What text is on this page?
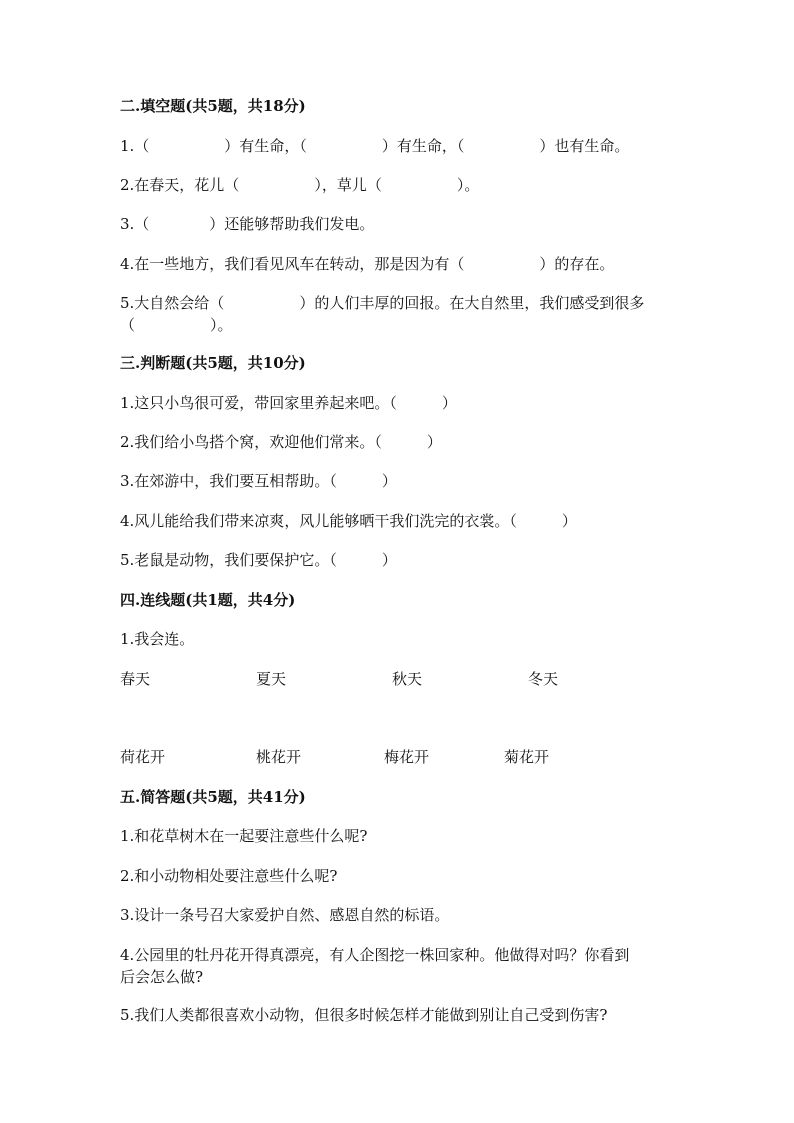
二.填空题(共5题，共18分)
1.（　　　　　）有生命，（　　　　　）有生命，（　　　　　）也有生命。
2.在春天，花儿（　　　　　），草儿（　　　　　）。
3.（　　　　）还能够帮助我们发电。
4.在一些地方，我们看见风车在转动，那是因为有（　　　　　）的存在。
5.大自然会给（　　　　　）的人们丰厚的回报。在大自然里，我们感受到很多
（　　　　　）。
三.判断题(共5题，共10分)
1.这只小鸟很可爱，带回家里养起来吧。（　　　）
2.我们给小鸟搭个窝，欢迎他们常来。（　　　）
3.在郊游中，我们要互相帮助。（　　　）
4.风儿能给我们带来凉爽，风儿能够晒干我们洗完的衣裳。（　　　）
5.老鼠是动物，我们要保护它。（　　　）
四.连线题(共1题，共4分)
1.我会连。
春天	夏天	秋天	冬天
荷花开	桃花开	梅花开	菊花开
五.简答题(共5题，共41分)
1.和花草树木在一起要注意些什么呢?
2.和小动物相处要注意些什么呢?
3.设计一条号召大家爱护自然、感恩自然的标语。
4.公园里的牡丹花开得真漂亮，有人企图挖一株回家种。他做得对吗？你看到
后会怎么做?
5.我们人类都很喜欢小动物，但很多时候怎样才能做到别让自己受到伤害?
